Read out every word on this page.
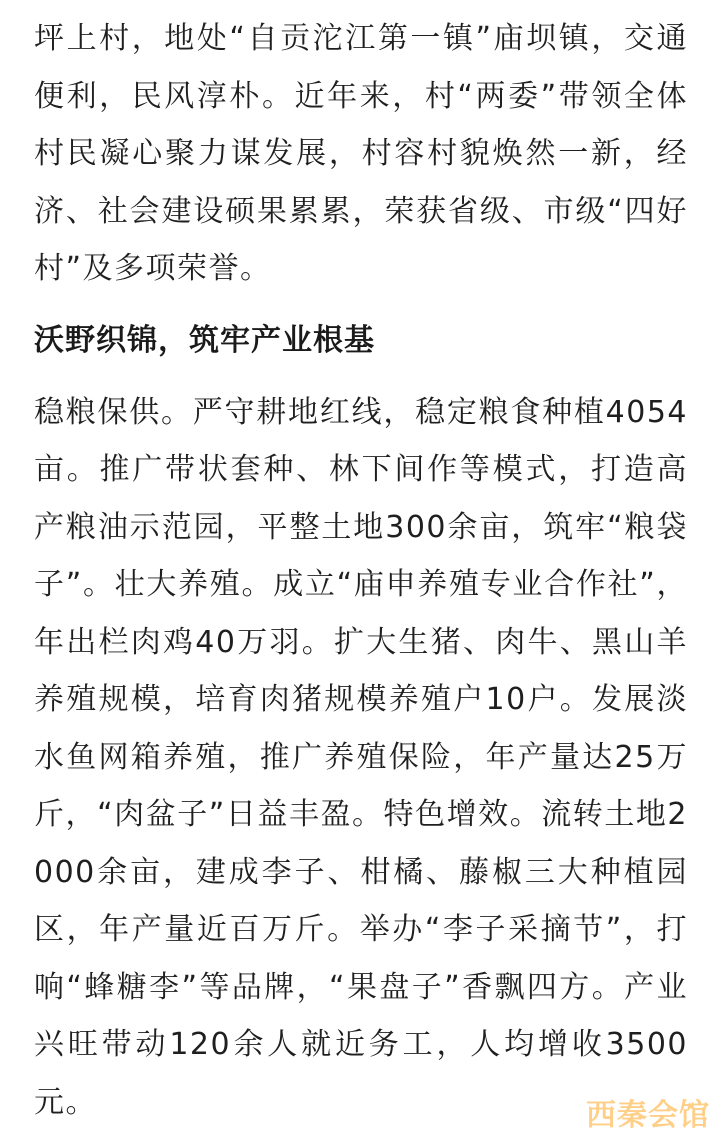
坪上村，地处“自贡沱江第一镇”庙坝镇，交通便利，民风淳朴。近年来，村“两委”带领全体村民凝心聚力谋发展，村容村貌焕然一新，经济、社会建设硕果累累，荣获省级、市级“四好村”及多项荣誉。

沃野织锦，筑牢产业根基

稳粮保供。严守耕地红线，稳定粮食种植4054亩。推广带状套种、林下间作等模式，打造高产粮油示范园，平整土地300余亩，筑牢“粮袋子”。壮大养殖。成立“庙申养殖专业合作社”，年出栏肉鸡40万羽。扩大生猪、肉牛、黑山羊养殖规模，培育肉猪规模养殖户10户。发展淡水鱼网箱养殖，推广养殖保险，年产量达25万斤，“肉盆子”日益丰盈。特色增效。流转土地2000余亩，建成李子、柑橘、藤椒三大种植园区，年产量近百万斤。举办“李子采摘节”，打响“蜂糖李”等品牌，“果盘子”香飘四方。产业兴旺带动120余人就近务工，人均增收3500元。	西秦会馆
